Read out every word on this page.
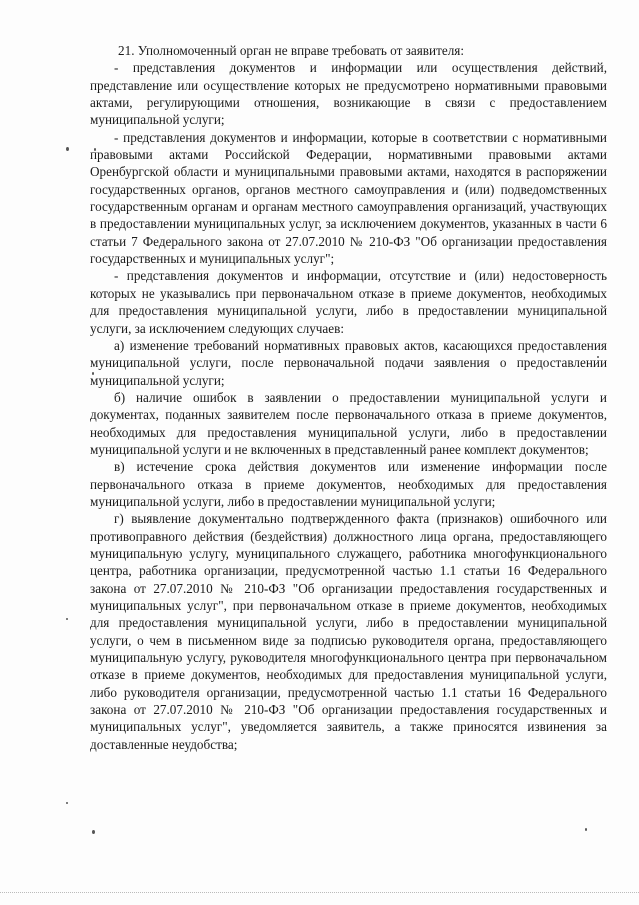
21. Уполномоченный орган не вправе требовать от заявителя:

- представления документов и информации или осуществления действий, представление или осуществление которых не предусмотрено нормативными правовыми актами, регулирующими отношения, возникающие в связи с предоставлением муниципальной услуги;

- представления документов и информации, которые в соответствии с нормативными правовыми актами Российской Федерации, нормативными правовыми актами Оренбургской области и муниципальными правовыми актами, находятся в распоряжении государственных органов, органов местного самоуправления и (или) подведомственных государственным органам и органам местного самоуправления организаций, участвующих в предоставлении муниципальных услуг, за исключением документов, указанных в части 6 статьи 7 Федерального закона от 27.07.2010 № 210-ФЗ "Об организации предоставления государственных и муниципальных услуг";

- представления документов и информации, отсутствие и (или) недостоверность которых не указывались при первоначальном отказе в приеме документов, необходимых для предоставления муниципальной услуги, либо в предоставлении муниципальной услуги, за исключением следующих случаев:

а) изменение требований нормативных правовых актов, касающихся предоставления муниципальной услуги, после первоначальной подачи заявления о предоставлении муниципальной услуги;

б) наличие ошибок в заявлении о предоставлении муниципальной услуги и документах, поданных заявителем после первоначального отказа в приеме документов, необходимых для предоставления муниципальной услуги, либо в предоставлении муниципальной услуги и не включенных в представленный ранее комплект документов;

в) истечение срока действия документов или изменение информации после первоначального отказа в приеме документов, необходимых для предоставления муниципальной услуги, либо в предоставлении муниципальной услуги;

г) выявление документально подтвержденного факта (признаков) ошибочного или противоправного действия (бездействия) должностного лица органа, предоставляющего муниципальную услугу, муниципального служащего, работника многофункционального центра, работника организации, предусмотренной частью 1.1 статьи 16 Федерального закона от 27.07.2010 № 210-ФЗ "Об организации предоставления государственных и муниципальных услуг", при первоначальном отказе в приеме документов, необходимых для предоставления муниципальной услуги, либо в предоставлении муниципальной услуги, о чем в письменном виде за подписью руководителя органа, предоставляющего муниципальную услугу, руководителя многофункционального центра при первоначальном отказе в приеме документов, необходимых для предоставления муниципальной услуги, либо руководителя организации, предусмотренной частью 1.1 статьи 16 Федерального закона от 27.07.2010 № 210-ФЗ "Об организации предоставления государственных и муниципальных услуг", уведомляется заявитель, а также приносятся извинения за доставленные неудобства;
